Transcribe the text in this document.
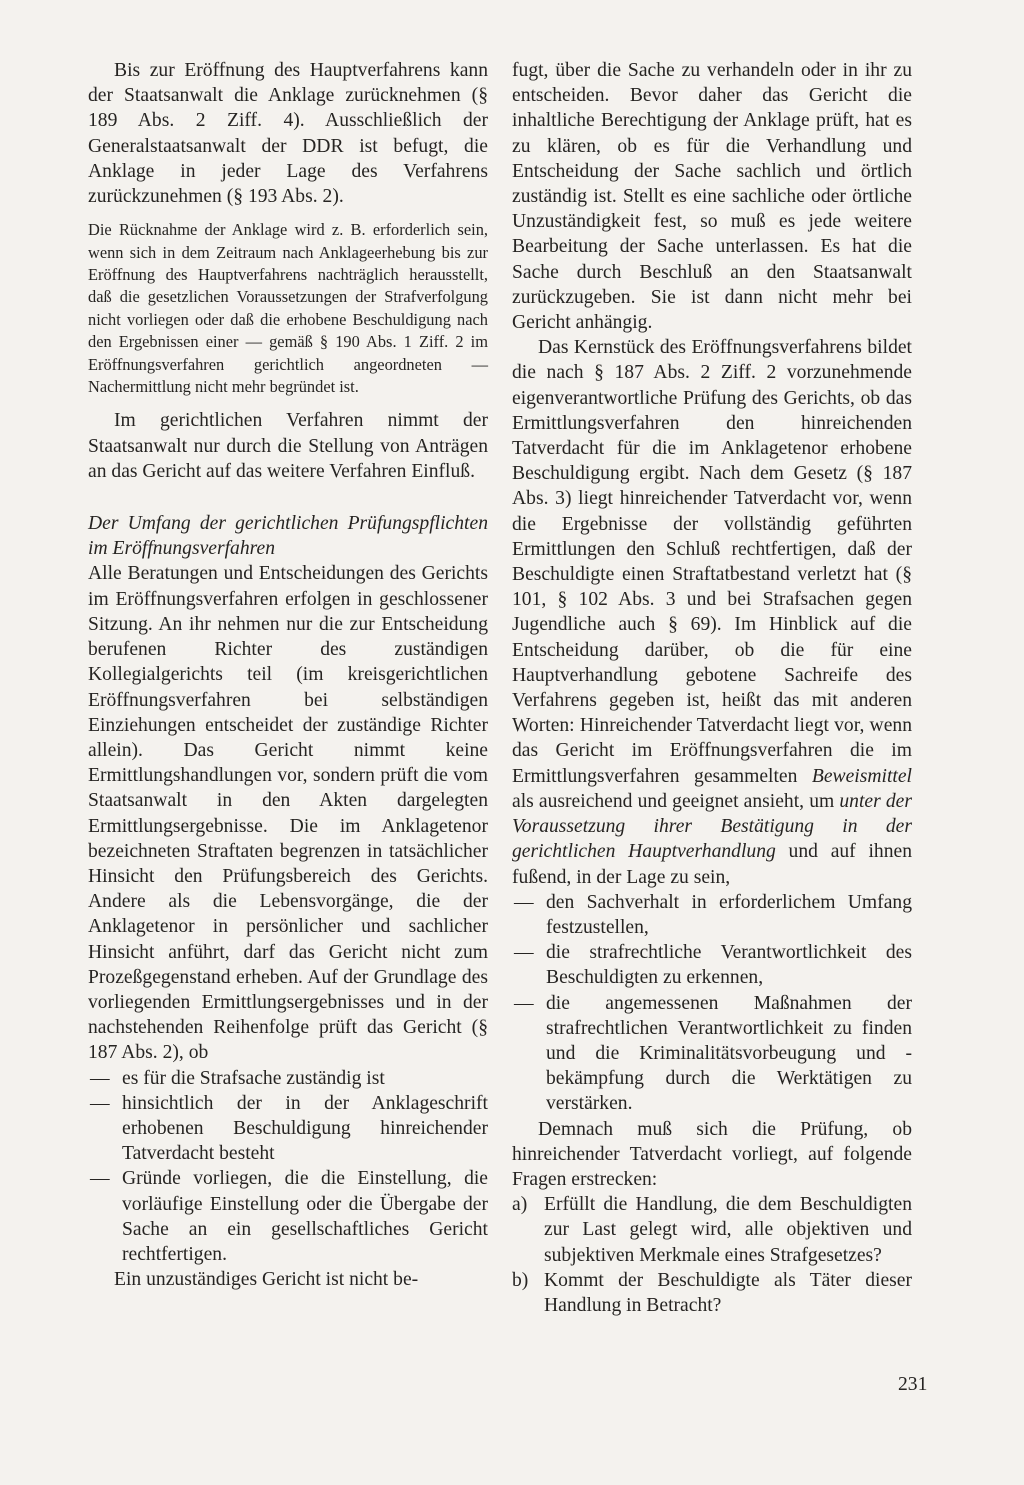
Bis zur Eröffnung des Hauptverfahrens kann der Staatsanwalt die Anklage zurücknehmen (§ 189 Abs. 2 Ziff. 4). Ausschließlich der Generalstaatsanwalt der DDR ist befugt, die Anklage in jeder Lage des Verfahrens zurückzunehmen (§ 193 Abs. 2).

Die Rücknahme der Anklage wird z. B. erforderlich sein, wenn sich in dem Zeitraum nach Anklageerhebung bis zur Eröffnung des Hauptverfahrens nachträglich herausstellt, daß die gesetzlichen Voraussetzungen der Strafverfolgung nicht vorliegen oder daß die erhobene Beschuldigung nach den Ergebnissen einer — gemäß § 190 Abs. 1 Ziff. 2 im Eröffnungsverfahren gerichtlich angeordneten — Nachermittlung nicht mehr begründet ist.

Im gerichtlichen Verfahren nimmt der Staatsanwalt nur durch die Stellung von Anträgen an das Gericht auf das weitere Verfahren Einfluß.

Der Umfang der gerichtlichen Prüfungspflichten im Eröffnungsverfahren

Alle Beratungen und Entscheidungen des Gerichts im Eröffnungsverfahren erfolgen in geschlossener Sitzung. An ihr nehmen nur die zur Entscheidung berufenen Richter des zuständigen Kollegialgerichts teil (im kreisgerichtlichen Eröffnungsverfahren bei selbständigen Einziehungen entscheidet der zuständige Richter allein). Das Gericht nimmt keine Ermittlungshandlungen vor, sondern prüft die vom Staatsanwalt in den Akten dargelegten Ermittlungsergebnisse. Die im Anklagetenor bezeichneten Straftaten begrenzen in tatsächlicher Hinsicht den Prüfungsbereich des Gerichts. Andere als die Lebensvorgänge, die der Anklagetenor in persönlicher und sachlicher Hinsicht anführt, darf das Gericht nicht zum Prozeßgegenstand erheben. Auf der Grundlage des vorliegenden Ermittlungsergebnisses und in der nachstehenden Reihenfolge prüft das Gericht (§ 187 Abs. 2), ob

— es für die Strafsache zuständig ist
— hinsichtlich der in der Anklageschrift erhobenen Beschuldigung hinreichender Tatverdacht besteht
— Gründe vorliegen, die die Einstellung, die vorläufige Einstellung oder die Übergabe der Sache an ein gesellschaftliches Gericht rechtfertigen.

Ein unzuständiges Gericht ist nicht be-

fugt, über die Sache zu verhandeln oder in ihr zu entscheiden. Bevor daher das Gericht die inhaltliche Berechtigung der Anklage prüft, hat es zu klären, ob es für die Verhandlung und Entscheidung der Sache sachlich und örtlich zuständig ist. Stellt es eine sachliche oder örtliche Unzuständigkeit fest, so muß es jede weitere Bearbeitung der Sache unterlassen. Es hat die Sache durch Beschluß an den Staatsanwalt zurückzugeben. Sie ist dann nicht mehr bei Gericht anhängig.

Das Kernstück des Eröffnungsverfahrens bildet die nach § 187 Abs. 2 Ziff. 2 vorzunehmende eigenverantwortliche Prüfung des Gerichts, ob das Ermittlungsverfahren den hinreichenden Tatverdacht für die im Anklagetenor erhobene Beschuldigung ergibt. Nach dem Gesetz (§ 187 Abs. 3) liegt hinreichender Tatverdacht vor, wenn die Ergebnisse der vollständig geführten Ermittlungen den Schluß rechtfertigen, daß der Beschuldigte einen Straftatbestand verletzt hat (§ 101, § 102 Abs. 3 und bei Strafsachen gegen Jugendliche auch § 69). Im Hinblick auf die Entscheidung darüber, ob die für eine Hauptverhandlung gebotene Sachreife des Verfahrens gegeben ist, heißt das mit anderen Worten: Hinreichender Tatverdacht liegt vor, wenn das Gericht im Eröffnungsverfahren die im Ermittlungsverfahren gesammelten Beweismittel als ausreichend und geeignet ansieht, um unter der Voraussetzung ihrer Bestätigung in der gerichtlichen Hauptverhandlung und auf ihnen fußend, in der Lage zu sein,

— den Sachverhalt in erforderlichem Umfang festzustellen,
— die strafrechtliche Verantwortlichkeit des Beschuldigten zu erkennen,
— die angemessenen Maßnahmen der strafrechtlichen Verantwortlichkeit zu finden und die Kriminalitätsvorbeugung und -bekämpfung durch die Werktätigen zu verstärken.

Demnach muß sich die Prüfung, ob hinreichender Tatverdacht vorliegt, auf folgende Fragen erstrecken:

a) Erfüllt die Handlung, die dem Beschuldigten zur Last gelegt wird, alle objektiven und subjektiven Merkmale eines Strafgesetzes?
b) Kommt der Beschuldigte als Täter dieser Handlung in Betracht?
231
